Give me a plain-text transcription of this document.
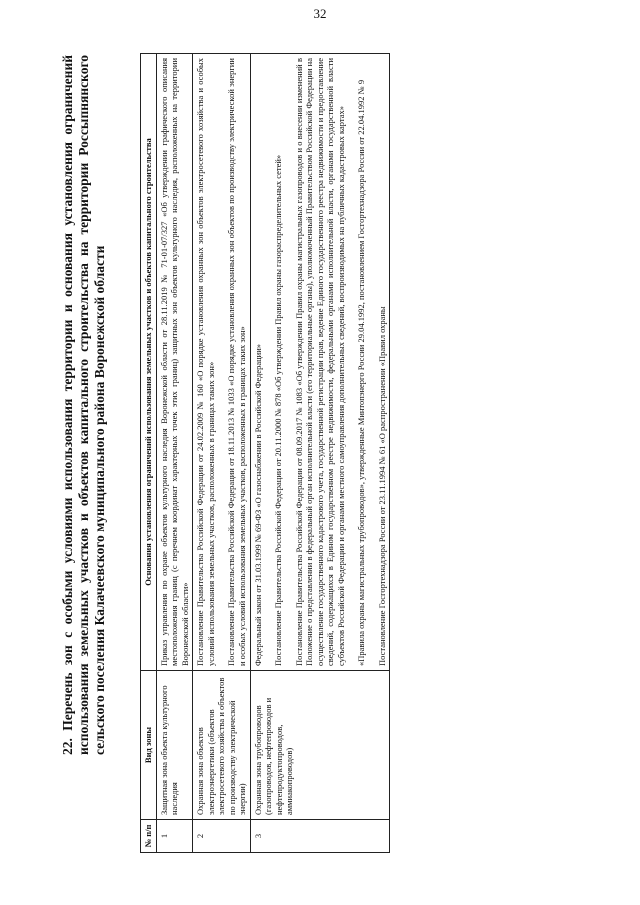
32
22. Перечень зон с особыми условиями использования территории и основания установления ограничений использования земельных участков и объектов капитального строительства на территории Россыпнянского сельского поселения Калачеевского муниципального района Воронежской области
№ п/п	Вид зоны	Основания установления ограничений использования земельных участков и объектов капитального строительства
1	Защитная зона объекта культурного наследия	Приказ управления по охране объектов культурного наследия Воронежской области от 28.11.2019 № 71-01-07/327 «Об утверждении графического описания местоположения границ (с перечнем координат характерных точек этих границ) защитных зон объектов культурного наследия, расположенных на территории Воронежской области»

2	Охранная зона объектов электроэнергетики (объектов электросетевого хозяйства и объектов по производству электрической энергии)	Постановление Правительства Российской Федерации от 24.02.2009 № 160 «О порядке установления охранных зон объектов электросетевого хозяйства и особых условий использования земельных участков, расположенных в границах таких зон» Постановление Правительства Российской Федерации от 18.11.2013 № 1033 «О порядке установления охранных зон объектов по производству электрической энергии и особых условий использования земельных участков, расположенных в границах таких зон»

3	Охранная зона трубопроводов (газопроводов, нефтепроводов и нефтепродуктопроводов, аммиакопроводов)	Федеральный закон от 31.03.1999 № 69-ФЗ «О газоснабжении в Российской Федерации» Постановление Правительства Российской Федерации от 20.11.2000 № 878 «Об утверждении Правил охраны газораспределительных сетей» Постановление Правительства Российской Федерации от 08.09.2017 № 1083 «Об утверждении Правил охраны магистральных газопроводов и о внесении изменений в Положение о представлении в федеральный орган исполнительной власти (его территориальные органы), уполномоченный Правительством Российской Федерации на осуществление государственного кадастрового учета, государственной регистрации прав, ведение Единого государственного реестра недвижимости и предоставление сведений, содержащихся в Едином государственном реестре недвижимости, федеральными органами исполнительной власти, органами государственной власти субъектов Российской Федерации и органами местного самоуправления дополнительных сведений, воспроизводимых на публичных кадастровых картах» «Правила охраны магистральных трубопроводов», утвержденные Минтопэнерго России 29.04.1992, постановлением Госгортехнадзора России от 22.04.1992 № 9 Постановление Госгортехнадзора России от 23.11.1994 № 61 «О распространении «Правил охраны
